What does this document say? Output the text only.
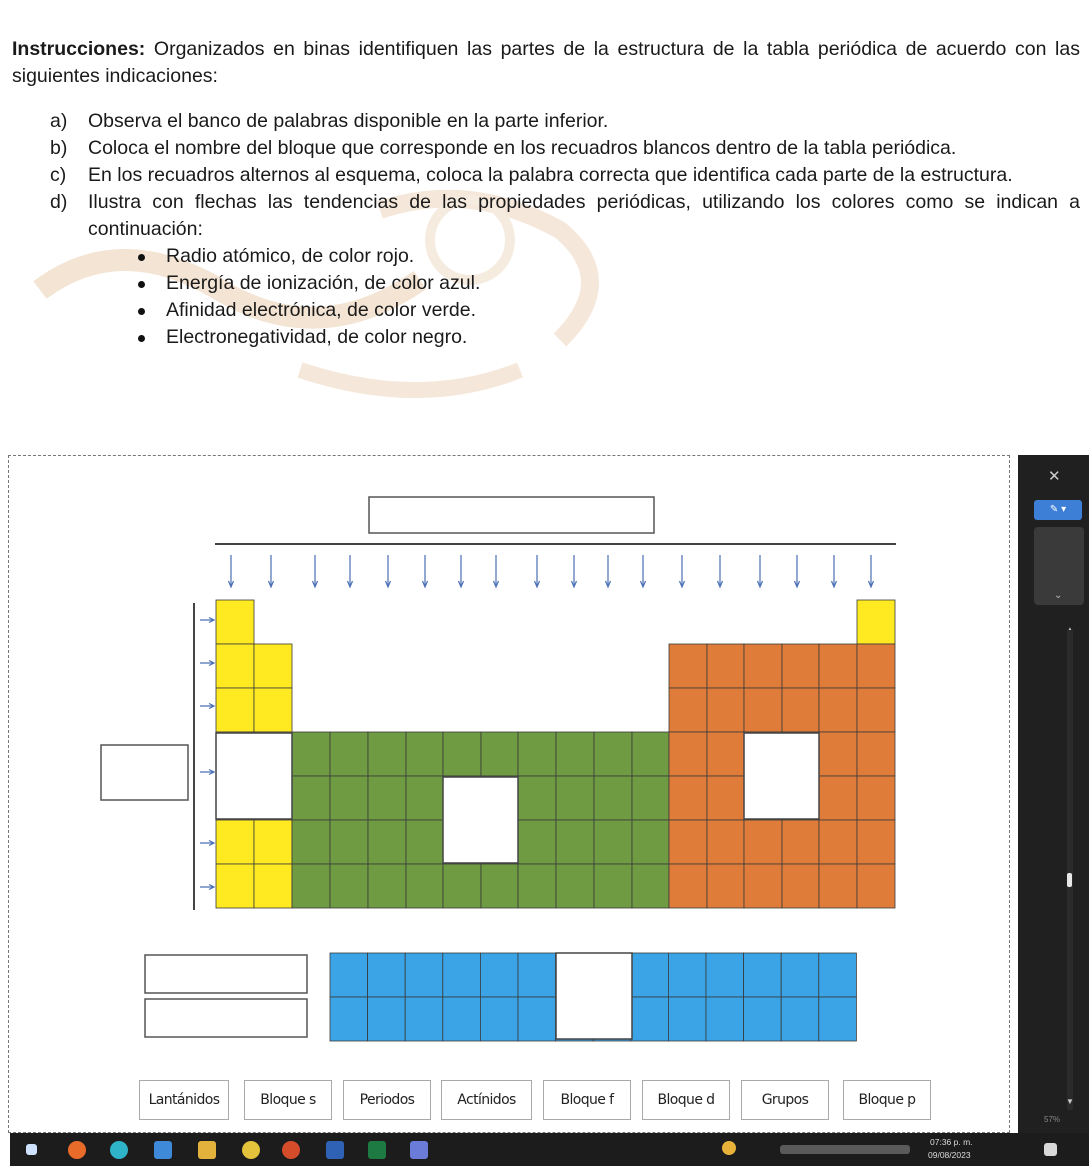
Instrucciones: Organizados en binas identifiquen las partes de la estructura de la tabla periódica de acuerdo con las siguientes indicaciones:

a) Observa el banco de palabras disponible en la parte inferior.
b) Coloca el nombre del bloque que corresponde en los recuadros blancos dentro de la tabla periódica.
c) En los recuadros alternos al esquema, coloca la palabra correcta que identifica cada parte de la estructura.
d) Ilustra con flechas las tendencias de las propiedades periódicas, utilizando los colores como se indican a continuación:
Radio atómico, de color rojo.
Energía de ionización, de color azul.
Afinidad electrónica, de color verde.
Electronegatividad, de color negro.
Lantánidos	Bloque s	Periodos	Actínidos	Bloque f	Bloque d	Grupos	Bloque p
✕
✎ ▾
⌄
▼
57%
07:36 p. m.
09/08/2023
